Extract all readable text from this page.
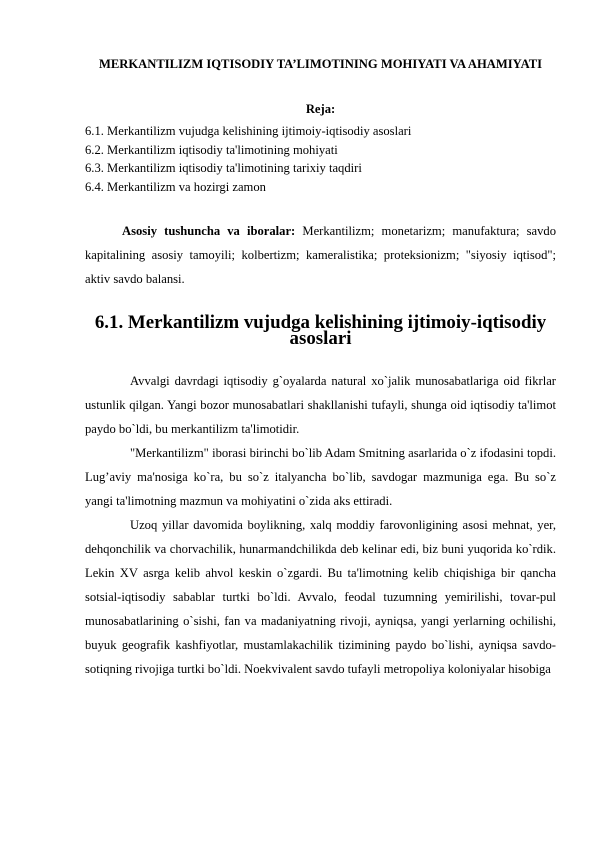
MERKANTILIZM IQTISODIY TA’LIMOTINING MOHIYATI VA AHAMIYATI
Reja:
6.1. Merkantilizm vujudga kelishining ijtimoiy-iqtisodiy asoslari
6.2. Merkantilizm iqtisodiy ta'limotining mohiyati
6.3. Merkantilizm iqtisodiy ta'limotining tarixiy taqdiri
6.4. Merkantilizm va hozirgi zamon

Asosiy tushuncha va iboralar: Merkantilizm; monetarizm; manufaktura; savdo kapitalining asosiy tamoyili; kolbertizm; kameralistika; proteksionizm; "siyosiy iqtisod"; aktiv savdo balansi.

6.1. Merkantilizm vujudga kelishining ijtimoiy-iqtisodiy asoslari

Avvalgi davrdagi iqtisodiy g`oyalarda natural xo`jalik munosabatlariga oid fikrlar ustunlik qilgan. Yangi bozor munosabatlari shakllanishi tufayli, shunga oid iqtisodiy ta'limot paydo bo`ldi, bu merkantilizm ta'limotidir.

"Merkantilizm" iborasi birinchi bo`lib Adam Smitning asarlarida o`z ifodasini topdi. Lug’aviy ma'nosiga ko`ra, bu so`z italyancha bo`lib, savdogar mazmuniga ega. Bu so`z yangi ta'limotning mazmun va mohiyatini o`zida aks ettiradi.

Uzoq yillar davomida boylikning, xalq moddiy farovonligining asosi mehnat, yer, dehqonchilik va chorvachilik, hunarmandchilikda deb kelinar edi, biz buni yuqorida ko`rdik. Lekin XV asrga kelib ahvol keskin o`zgardi. Bu ta'limotning kelib chiqishiga bir qancha sotsial-iqtisodiy sabablar turtki bo`ldi. Avvalo, feodal tuzumning yemirilishi, tovar-pul munosabatlarining o`sishi, fan va madaniyatning rivoji, ayniqsa, yangi yerlarning ochilishi, buyuk geografik kashfiyotlar, mustamlakachilik tizimining paydo bo`lishi, ayniqsa savdo-sotiqning rivojiga turtki bo`ldi. Noekvivalent savdo tufayli metropoliya koloniyalar hisobiga
